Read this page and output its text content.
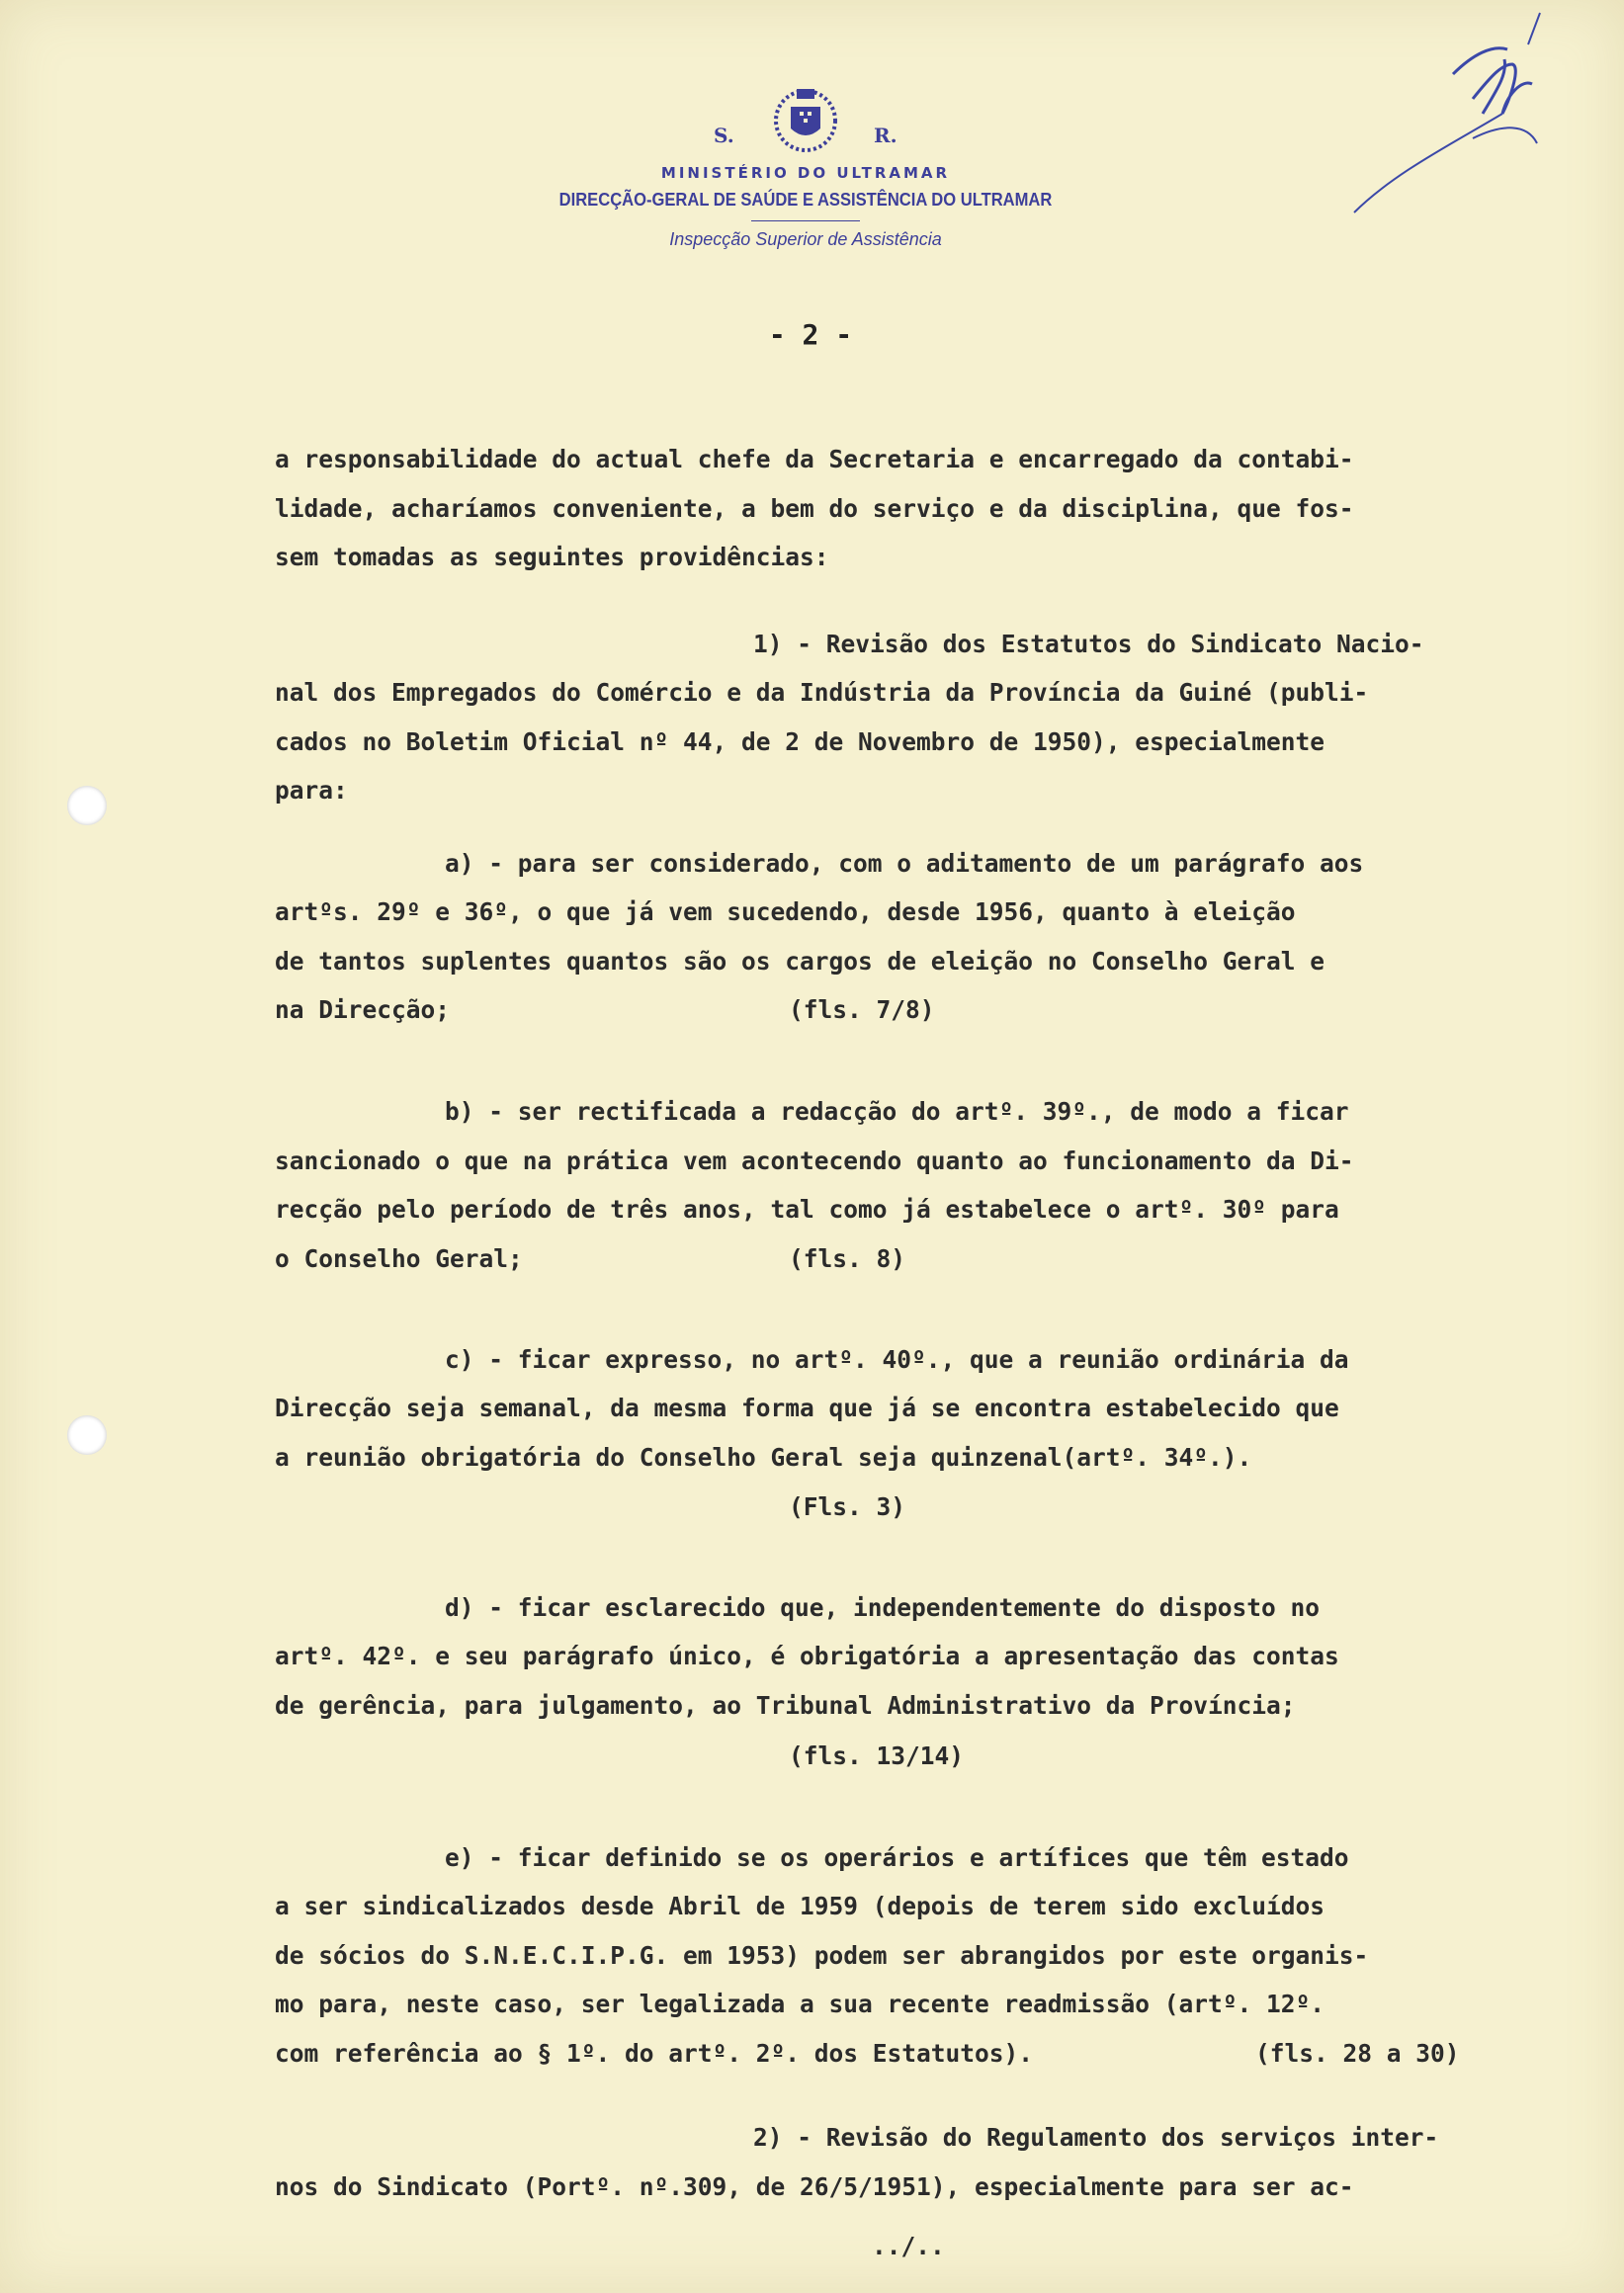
S.	R.
MINISTÉRIO DO ULTRAMAR
DIRECÇÃO-GERAL DE SAÚDE E ASSISTÊNCIA DO ULTRAMAR
Inspecção Superior de Assistência
- 2 -

a responsabilidade do actual chefe da Secretaria e encarregado da contabi-

lidade, acharíamos conveniente, a bem do serviço e da disciplina, que fos-

sem tomadas as seguintes providências:

1) - Revisão dos Estatutos do Sindicato Nacio-

nal dos Empregados do Comércio e da Indústria da Província da Guiné (publi-

cados no Boletim Oficial nº 44, de 2 de Novembro de 1950), especialmente

para:

a) - para ser considerado, com o aditamento de um parágrafo aos

artºs. 29º e 36º, o que já vem sucedendo, desde 1956, quanto à eleição

de tantos suplentes quantos são os cargos de eleição no Conselho Geral e

na Direcção;	(fls. 7/8)

b) - ser rectificada a redacção do artº. 39º., de modo a ficar

sancionado o que na prática vem acontecendo quanto ao funcionamento da Di-

recção pelo período de três anos, tal como já estabelece o artº. 30º para

o Conselho Geral;	(fls. 8)

c) - ficar expresso, no artº. 40º., que a reunião ordinária da

Direcção seja semanal, da mesma forma que já se encontra estabelecido que

a reunião obrigatória do Conselho Geral seja quinzenal(artº. 34º.).

(Fls. 3)

d) - ficar esclarecido que, independentemente do disposto no

artº. 42º. e seu parágrafo único, é obrigatória a apresentação das contas

de gerência, para julgamento, ao Tribunal Administrativo da Província;

(fls. 13/14)

e) - ficar definido se os operários e artífices que têm estado

a ser sindicalizados desde Abril de 1959 (depois de terem sido excluídos

de sócios do S.N.E.C.I.P.G. em 1953) podem ser abrangidos por este organis-

mo para, neste caso, ser legalizada a sua recente readmissão (artº. 12º.

com referência ao § 1º. do artº. 2º. dos Estatutos).	(fls. 28 a 30)

2) - Revisão do Regulamento dos serviços inter-

nos do Sindicato (Portº. nº.309, de 26/5/1951), especialmente para ser ac-

../..
